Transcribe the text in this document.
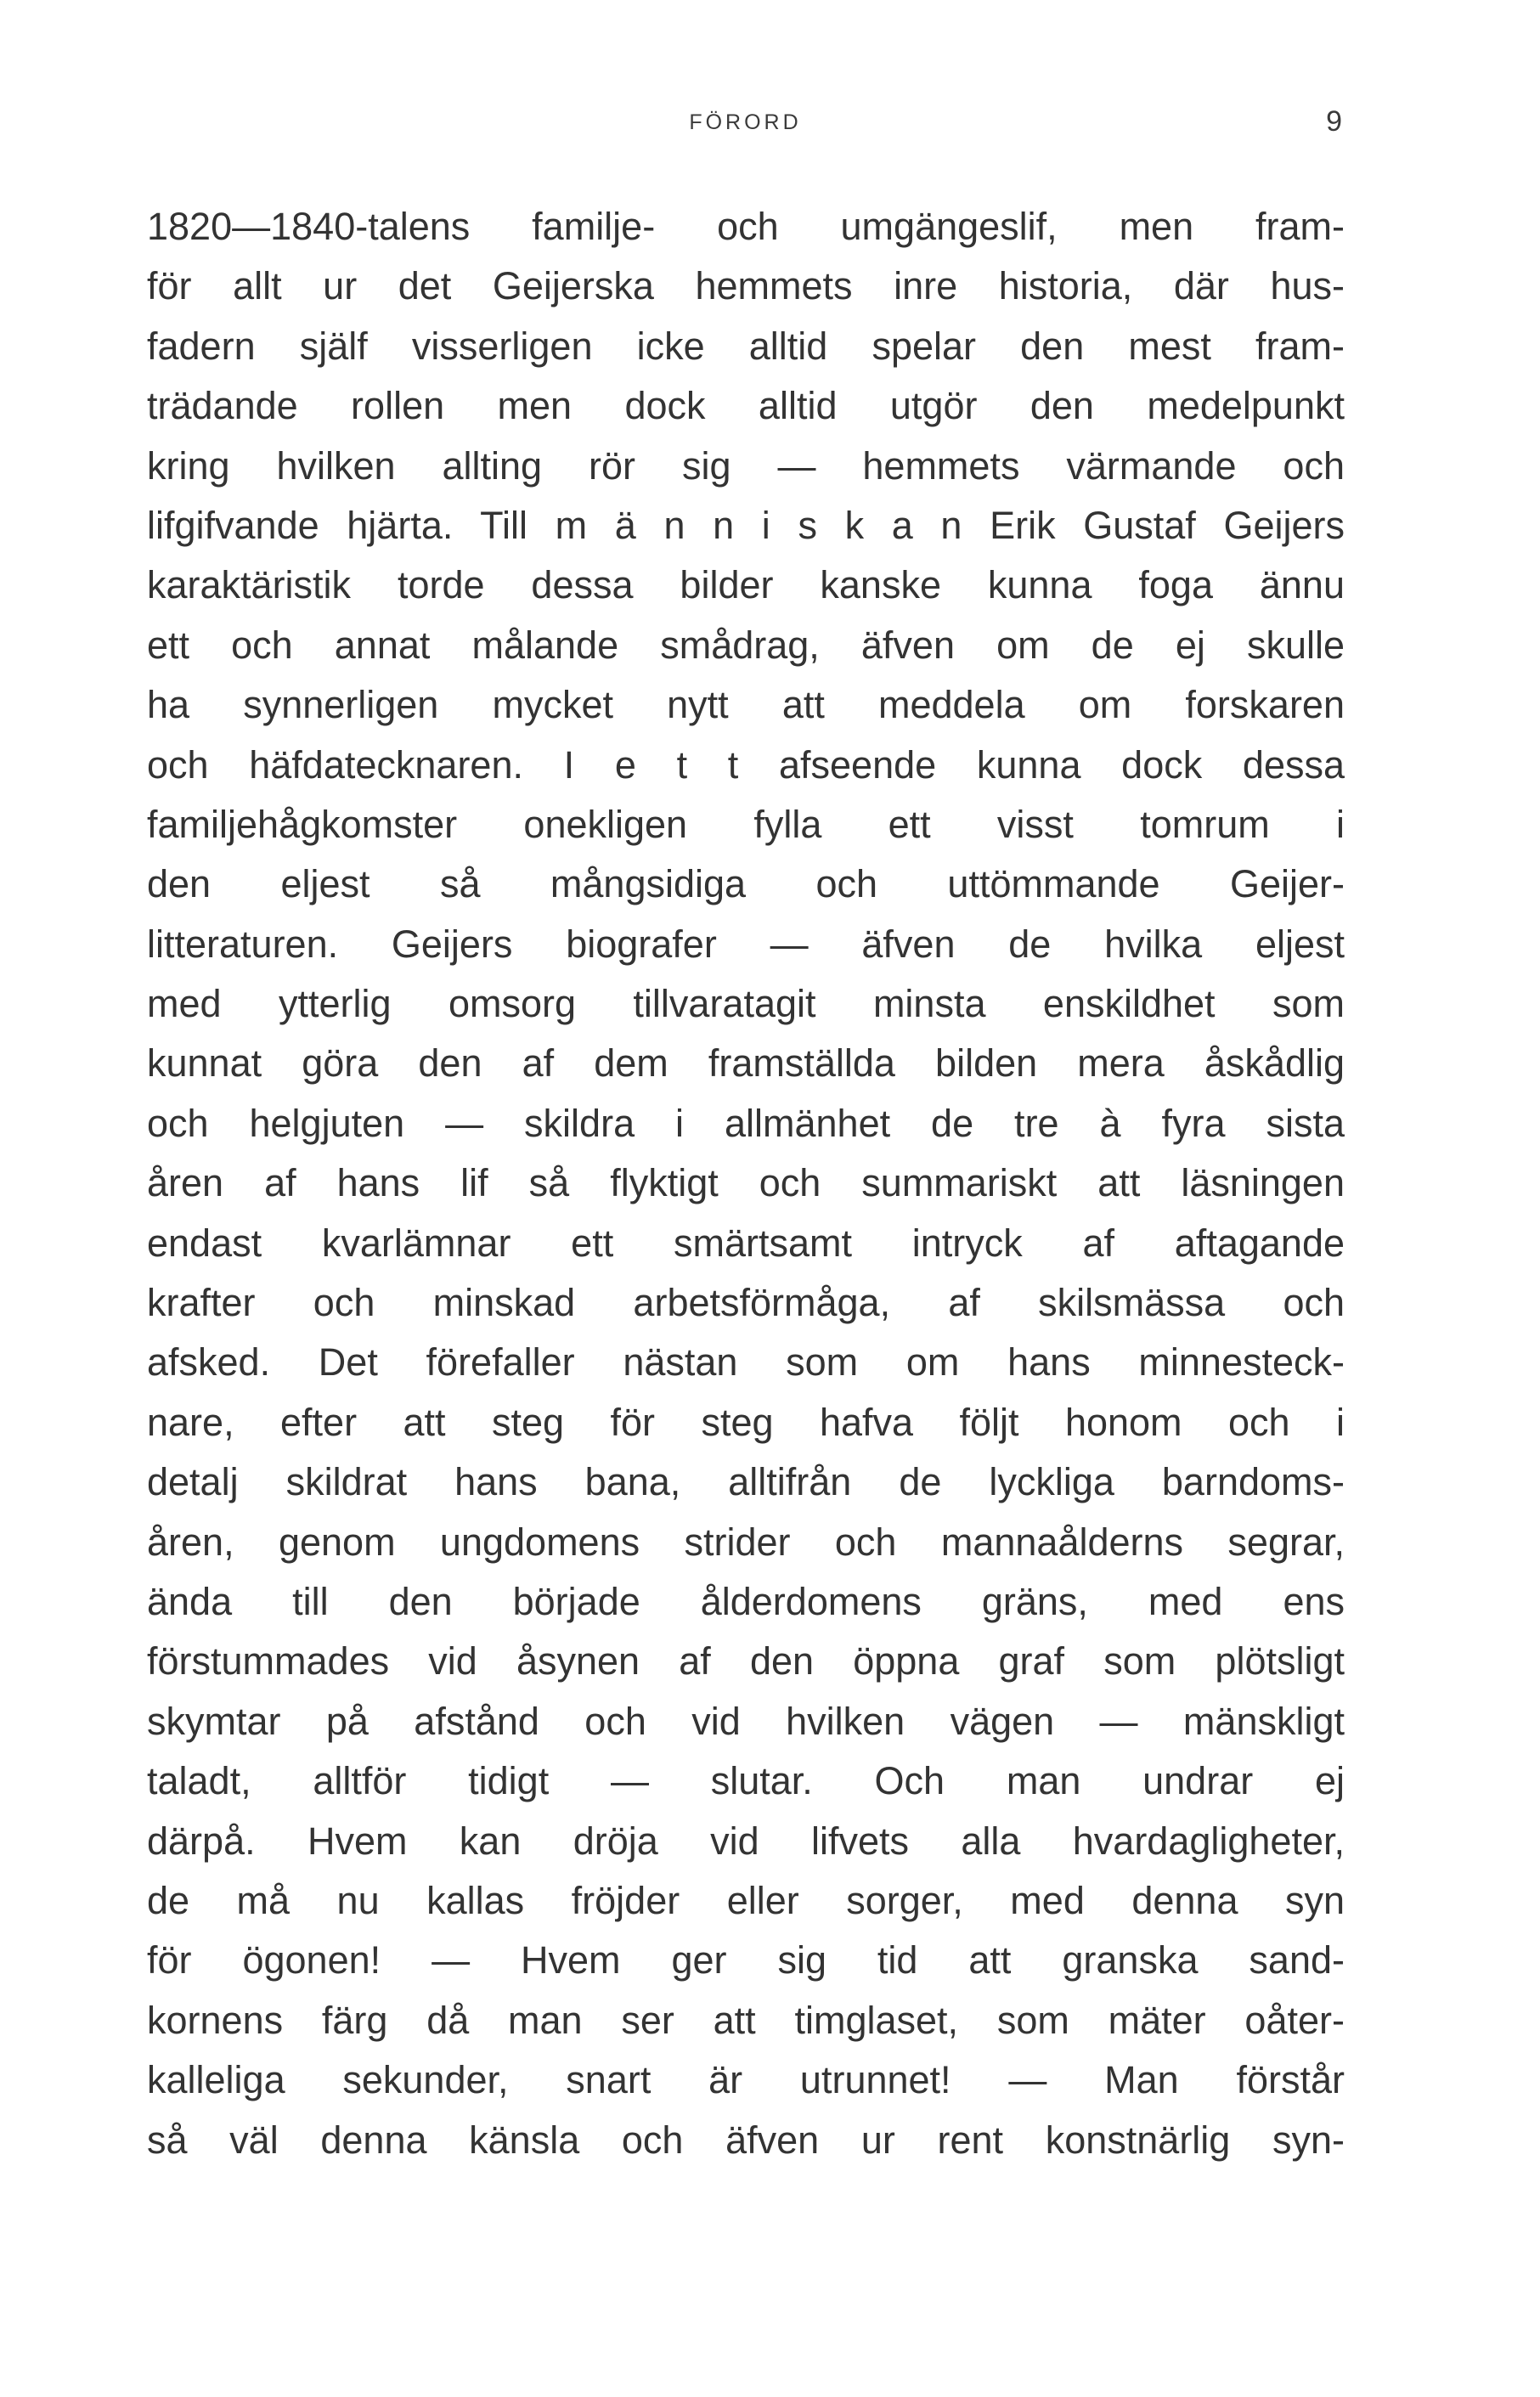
FÖRORD	9
1820—1840-talens familje- och umgängeslif, men fram-
för allt ur det Geijerska hemmets inre historia, där hus-
fadern själf visserligen icke alltid spelar den mest fram-
trädande rollen men dock alltid utgör den medelpunkt
kring hvilken allting rör sig — hemmets värmande och
lifgifvande hjärta. Till m ä n n i s k a n Erik Gustaf Geijers
karaktäristik torde dessa bilder kanske kunna foga ännu
ett och annat målande smådrag, äfven om de ej skulle
ha synnerligen mycket nytt att meddela om forskaren
och häfdatecknaren. I e t t afseende kunna dock dessa
familjehågkomster onekligen fylla ett visst tomrum i
den eljest så mångsidiga och uttömmande Geijer-
litteraturen. Geijers biografer — äfven de hvilka eljest
med ytterlig omsorg tillvaratagit minsta enskildhet som
kunnat göra den af dem framställda bilden mera åskådlig
och helgjuten — skildra i allmänhet de tre à fyra sista
åren af hans lif så flyktigt och summariskt att läsningen
endast kvarlämnar ett smärtsamt intryck af aftagande
krafter och minskad arbetsförmåga, af skilsmässa och
afsked. Det förefaller nästan som om hans minnesteck-
nare, efter att steg för steg hafva följt honom och i
detalj skildrat hans bana, alltifrån de lyckliga barndoms-
åren, genom ungdomens strider och mannaålderns segrar,
ända till den började ålderdomens gräns, med ens
förstummades vid åsynen af den öppna graf som plötsligt
skymtar på afstånd och vid hvilken vägen — mänskligt
taladt, alltför tidigt — slutar. Och man undrar ej
därpå. Hvem kan dröja vid lifvets alla hvardagligheter,
de må nu kallas fröjder eller sorger, med denna syn
för ögonen! — Hvem ger sig tid att granska sand-
kornens färg då man ser att timglaset, som mäter oåter-
kalleliga sekunder, snart är utrunnet! — Man förstår
så väl denna känsla och äfven ur rent konstnärlig syn-
